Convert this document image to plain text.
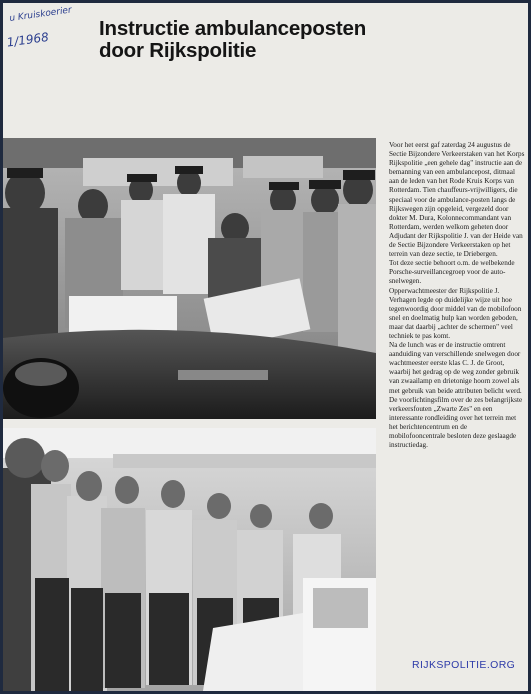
u Kruiskoerier
1/1968	Instructie ambulanceposten
door Rijkspolitie

Voor het eerst gaf zaterdag 24 augustus de Sectie Bijzondere Verkeerstaken van het Korps Rijkspolitie „een gehele dag" instructie aan de bemanning van een ambulancepost, ditmaal aan de leden van het Rode Kruis Korps van Rotterdam. Tien chauffeurs-vrijwilligers, die speciaal voor de ambulance-posten langs de Rijkswegen zijn opgeleid, vergezeld door dokter M. Dura, Kolonnecommandant van Rotterdam, werden welkom geheten door Adjudant der Rijkspolitie J. van der Heide van de Sectie Bijzondere Verkeerstaken op het terrein van deze sectie, te Driebergen.

Tot deze sectie behoort o.m. de welbekende Porsche-surveillancegroep voor de auto-snelwegen.

Opperwachtmeester der Rijkspolitie J. Verhagen legde op duidelijke wijze uit hoe tegenwoordig door middel van de mobilofoon snel en doelmatig hulp kan worden geboden, maar dat daarbij „achter de schermen" veel techniek te pas komt.

Na de lunch was er de instructie omtrent aanduiding van verschillende snelwegen door wachtmeester eerste klas C. J. de Groot, waarbij het gedrag op de weg zonder gebruik van zwaailamp en drietonige hoorn zowel als met gebruik van beide attributen belicht werd.

De voorlichtingsfilm over de zes belangrijkste verkeersfouten „Zwarte Zes" en een interessante rondleiding over het terrein met het berichtencentrum en de mobilofooncentrale besloten deze geslaagde instructiedag.

RIJKSPOLITIE.ORG
